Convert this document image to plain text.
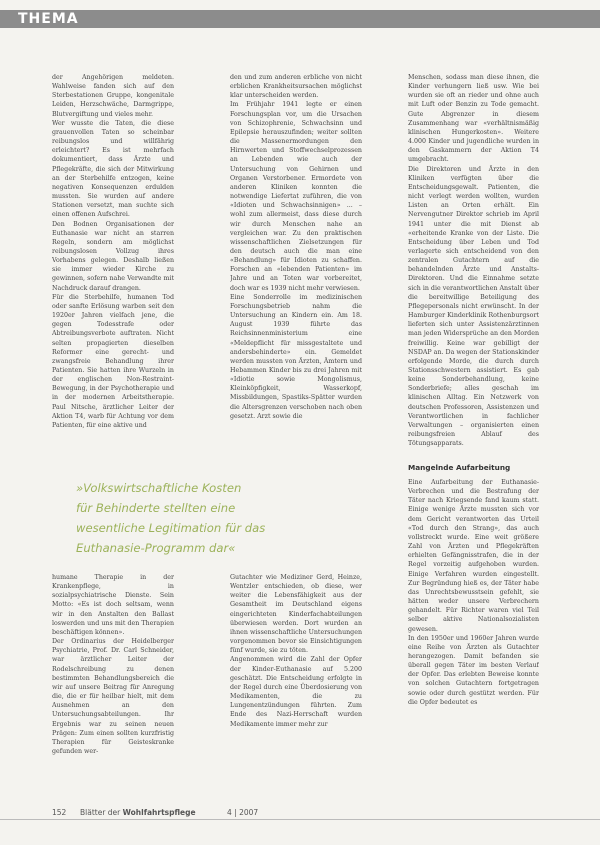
THEMA

der Angehörigen meldeten. Wahlweise fanden sich auf den Sterbestationen Gruppe, kongenitale Leiden, Herzschwäche, Darmgrippe, Blutvergiftung und vieles mehr.

Wer wusste die Taten, die diese grauenvollen Taten so scheinbar reibungslos und willfährig erleichtert? Es ist mehrfach dokumentiert, dass Ärzte und Pflegekräfte, die sich der Mitwirkung an der Sterbehilfe entzogen, keine negativen Konsequenzen erdulden mussten. Sie wurden auf andere Stationen versetzt, man suchte sich einen offenen Aufschrei.

Den Bodnen Organisationen der Euthanasie war nicht an starren Regeln, sondern am möglichst reibungslosen Vollzug ihres Vorhabens gelegen. Deshalb ließen sie immer wieder Kirche zu gewinnen, sofern nahe Verwandte mit Nachdruck darauf drangen.

Für die Sterbehilfe, humanen Tod oder sanfte Erlösung warben seit den 1920er Jahren vielfach jene, die gegen Todesstrafe oder Abtreibungsverbote auftraten. Nicht selten propagierten dieselben Reformer eine gerecht- und zwangsfreie Behandlung ihrer Patienten. Sie hatten ihre Wurzeln in der englischen Non-Restraint-Bewegung, in der Psychotherapie und in der modernen Arbeitstherapie. Paul Nitsche, ärztlicher Leiter der Aktion T4, warb für Achtung vor dem Patienten, für eine aktive und

den und zum anderen erbliche von nicht erblichen Krankheitsursachen möglichst klar unterscheiden werden.

Im Frühjahr 1941 legte er einen Forschungsplan vor, um die Ursachen von Schizophrenie, Schwachsinn und Epilepsie herauszufinden; weiter sollten die Massenermordungen den Hirnwerten und Stoffwechselprozessen an Lebenden wie auch der Untersuchung von Gehirnen und Organen Verstorbener. Ermordete von anderen Kliniken konnten die notwendige Liefertat zuführen, die von «Idioten und Schwachsinnigen» ... – wohl zum allermeist, dass diese durch wir durch Menschen nahe an vergleichen war. Zu den praktischen wissenschaftlichen Zielsetzungen für den deutsch auch die man eine «Behandlung» für Idioten zu schaffen. Forschen an «lebenden Patienten» im Jahre und an Toten war vorbereitet, doch war es 1939 nicht mehr verwiesen.

Eine Sonderrolle im medizinischen Forschungsbetrieb nahm die Untersuchung an Kindern ein. Am 18. August 1939 führte das Reichsinnenministerium eine «Meldepflicht für missgestaltete und andersbehinderte» ein. Gemeldet werden mussten von Ärzten, Ämtern und Hebammen Kinder bis zu drei Jahren mit «Idiotie sowie Mongolismus, Kleinköpfigkeit, Wasserkopf, Missbildungen, Spastiks-Spätter wurden die Altersgrenzen verschoben nach oben gesetzt. Arzt sowie die

Menschen, sodass man diese ihnen, die Kinder verhungern ließ usw. Wie bei wurden sie oft an rieder und ohne auch mit Luft oder Benzin zu Tode gemacht. Gute Abgrenzer in diesem Zusammenhang war «verhältnismäßig klinischen Hungerkosten». Weitere 4.000 Kinder und jugendliche wurden in den Gaskammern der Aktion T4 umgebracht.

Die Direktoren und Ärzte in den Kliniken verfügten über die Entscheidungsgewalt. Patienten, die nicht verlegt werden wollten, wurden Listen an Orten erhält. Ein Nervengutner Direktor schrieb im April 1941 unter die mit Dienst ab «erheitende Kranke von der Liste. Die Entscheidung über Leben und Tod verlagerte sich entscheidend von den zentralen Gutachtern auf die behandelnden Ärzte und Anstalts-Direktoren. Und die Einnahme setzte sich in die verantwortlichen Anstalt über die bereitwillige Beteiligung des Pflegepersonals nicht erwünscht. In der Hamburger Kinderklinik Rothenburgsort lieferten sich unter Assistenzärztinnen man jeden Widersprüche an den Morden freiwillig. Keine war gebilligt der NSDAP an. Da wegen der Stationskinder erfolgende Morde, die durch durch Stationsschwestern assistiert. Es gab keine Sonderbehandlung, keine Sonderbriefe; alles geschah im klinischen Alltag. Ein Netzwerk von deutschen Professoren, Assistenzen und Verantwortlichen in fachlicher Verwaltungen – organisierten einen reibungsfreien Ablauf des Tötungsapparats.

Mangelnde Aufarbeitung

Eine Aufarbeitung der Euthanasie-Verbrechen und die Bestrafung der Täter nach Kriegsende fand kaum statt. Einige wenige Ärzte mussten sich vor dem Gericht verantworten das Urteil «Tod durch den Strang», das auch vollstreckt wurde. Eine weit größere Zahl von Ärzten und Pflegekräften erhielten Gefängnisstrafen, die in der Regel vorzeitig aufgehoben wurden. Einige Verfahren wurden eingestellt. Zur Begründung hieß es, der Täter habe das Unrechtsbewusstsein gefehlt, sie hätten weder unsere Verbrechern gehandelt. Für Richter waren viel Teil selber aktive Nationalsozialisten gewesen.

In den 1950er und 1960er Jahren wurde eine Reihe von Ärzten als Gutachter herangezogen. Damit befanden sie überall gegen Täter im besten Verlauf der Opfer. Das erlebten Beweise konnte von solchen Gutachtern fortgetragen sowie oder durch gestützt werden. Für die Opfer bedeutet es

»Volkswirtschaftliche Kosten
für Behinderte stellten eine
wesentliche Legitimation für das
Euthanasie-Programm dar«

humane Therapie in der Krankenpflege, in sozialpsychiatrische Dienste. Sein Motto: «Es ist doch seltsam, wenn wir in den Anstalten den Ballast loswerden und uns mit den Therapien beschäftigen können».

Der Ordinarius der Heidelberger Psychiatrie, Prof. Dr. Carl Schneider, war ärztlicher Leiter der Rodelschreibung zu denen bestimmten Behandlungsbereich die wir auf unsere Beitrag für Anregung die, die er für heilbar hielt, mit dem Ausnehmen an den Untersuchungsabteilungen. Ihr Ergebnis war zu seinen neuen Prägen: Zum einen sollten kurzfristig Therapien für Geisteskranke gefunden wer-

Gutachter wie Mediziner Gerd, Heinze, Wentzler entschieden, ob diese, wer weiter die Lebensfähigkeit aus der Gesamtheit im Deutschland eigens eingerichteten Kinderfachabteilungen überwiesen werden. Dort wurden an ihnen wissenschaftliche Untersuchungen vorgenommen bevor sie Einsichtigungen fünf wurde, sie zu töten.

Angenommen wird die Zahl der Opfer der Kinder-Euthanasie auf 5.200 geschätzt. Die Entscheidung erfolgte in der Regel durch eine Überdosierung von Medikamenten, die zu Lungenentzündungen führten. Zum Ende des Nazi-Herrschaft wurden Medikamente immer mehr zur

152 Blätter der Wohlfahrtspflege	4 | 2007
